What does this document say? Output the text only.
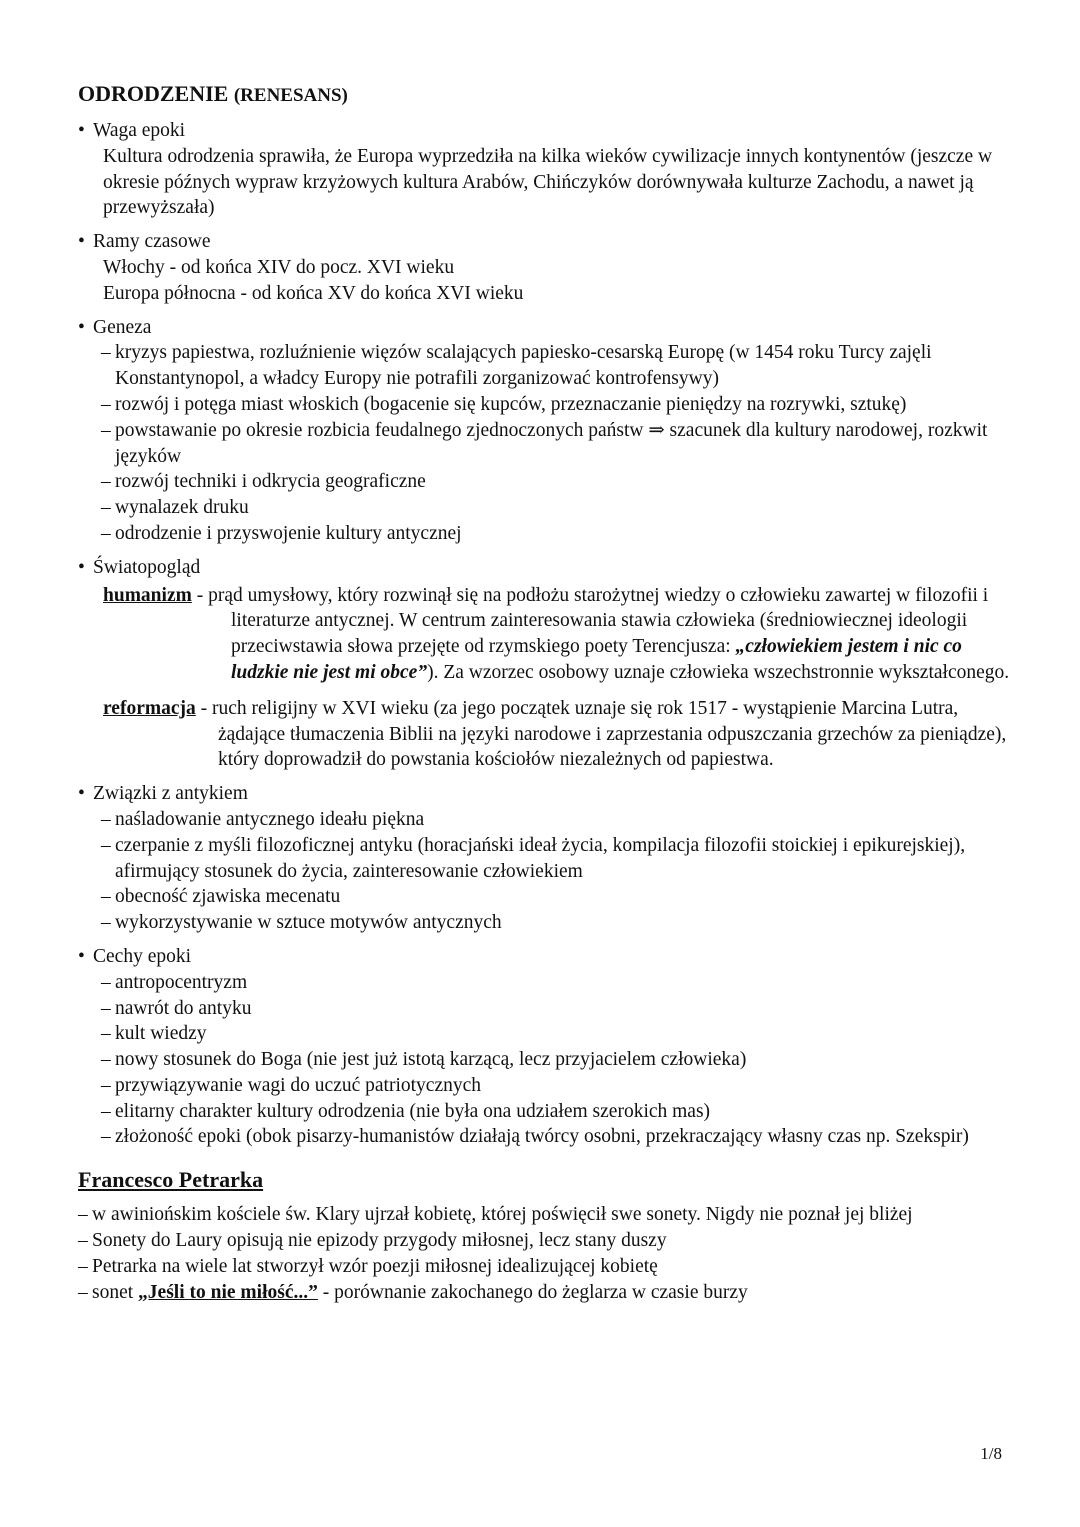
ODRODZENIE (RENESANS)
• Waga epoki
Kultura odrodzenia sprawiła, że Europa wyprzedziła na kilka wieków cywilizacje innych kontynentów (jeszcze w okresie późnych wypraw krzyżowych kultura Arabów, Chińczyków dorównywała kulturze Zachodu, a nawet ją przewyższała)
• Ramy czasowe
Włochy - od końca XIV do pocz. XVI wieku
Europa północna - od końca XV do końca XVI wieku
• Geneza
– kryzys papiestwa, rozluźnienie więzów scalających papiesko-cesarską Europę (w 1454 roku Turcy zajęli Konstantynopol, a władcy Europy nie potrafili zorganizować kontrofensywy)
– rozwój i potęga miast włoskich (bogacenie się kupców, przeznaczanie pieniędzy na rozrywki, sztukę)
– powstawanie po okresie rozbicia feudalnego zjednoczonych państw ⇒ szacunek dla kultury narodowej, rozkwit języków
– rozwój techniki i odkrycia geograficzne
– wynalazek druku
– odrodzenie i przyswojenie kultury antycznej
• Światopogląd
humanizm - prąd umysłowy, który rozwinął się na podłożu starożytnej wiedzy o człowieku zawartej w filozofii i literaturze antycznej. W centrum zainteresowania stawia człowieka (średniowiecznej ideologii przeciwstawia słowa przejęte od rzymskiego poety Terencjusza: „człowiekiem jestem i nic co ludzkie nie jest mi obce”). Za wzorzec osobowy uznaje człowieka wszechstronnie wykształconego.
reformacja - ruch religijny w XVI wieku (za jego początek uznaje się rok 1517 - wystąpienie Marcina Lutra, żądające tłumaczenia Biblii na języki narodowe i zaprzestania odpuszczania grzechów za pieniądze), który doprowadził do powstania kościołów niezależnych od papiestwa.
• Związki z antykiem
– naśladowanie antycznego ideału piękna
– czerpanie z myśli filozoficznej antyku (horacjański ideał życia, kompilacja filozofii stoickiej i epikurejskiej), afirmujący stosunek do życia, zainteresowanie człowiekiem
– obecność zjawiska mecenatu
– wykorzystywanie w sztuce motywów antycznych
• Cechy epoki
– antropocentryzm
– nawrót do antyku
– kult wiedzy
– nowy stosunek do Boga (nie jest już istotą karzącą, lecz przyjacielem człowieka)
– przywiązywanie wagi do uczuć patriotycznych
– elitarny charakter kultury odrodzenia (nie była ona udziałem szerokich mas)
– złożoność epoki (obok pisarzy-humanistów działają twórcy osobni, przekraczający własny czas np. Szekspir)
Francesco Petrarka
– w awiniońskim kościele św. Klary ujrzał kobietę, której poświęcił swe sonety. Nigdy nie poznał jej bliżej
– Sonety do Laury opisują nie epizody przygody miłosnej, lecz stany duszy
– Petrarka na wiele lat stworzył wzór poezji miłosnej idealizującej kobietę
– sonet „Jeśli to nie miłość...” - porównanie zakochanego do żeglarza w czasie burzy
1/8
